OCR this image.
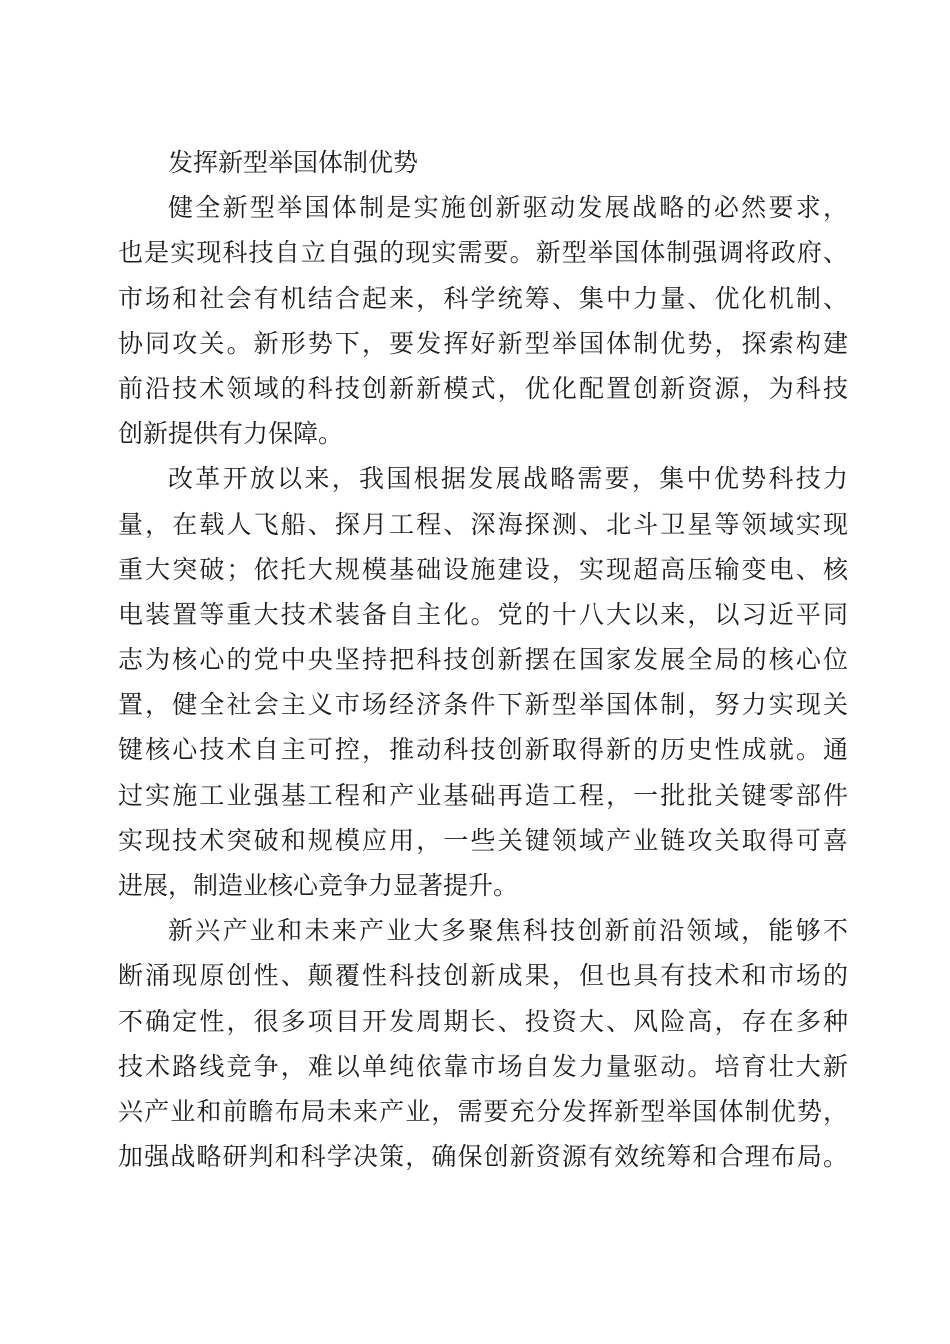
发挥新型举国体制优势
健全新型举国体制是实施创新驱动发展战略的必然要求，
也是实现科技自立自强的现实需要。新型举国体制强调将政府、
市场和社会有机结合起来，科学统筹、集中力量、优化机制、
协同攻关。新形势下，要发挥好新型举国体制优势，探索构建
前沿技术领域的科技创新新模式，优化配置创新资源，为科技
创新提供有力保障。
改革开放以来，我国根据发展战略需要，集中优势科技力
量，在载人飞船、探月工程、深海探测、北斗卫星等领域实现
重大突破；依托大规模基础设施建设，实现超高压输变电、核
电装置等重大技术装备自主化。党的十八大以来，以习近平同
志为核心的党中央坚持把科技创新摆在国家发展全局的核心位
置，健全社会主义市场经济条件下新型举国体制，努力实现关
键核心技术自主可控，推动科技创新取得新的历史性成就。通
过实施工业强基工程和产业基础再造工程，一批批关键零部件
实现技术突破和规模应用，一些关键领域产业链攻关取得可喜
进展，制造业核心竞争力显著提升。
新兴产业和未来产业大多聚焦科技创新前沿领域，能够不
断涌现原创性、颠覆性科技创新成果，但也具有技术和市场的
不确定性，很多项目开发周期长、投资大、风险高，存在多种
技术路线竞争，难以单纯依靠市场自发力量驱动。培育壮大新
兴产业和前瞻布局未来产业，需要充分发挥新型举国体制优势，
加强战略研判和科学决策，确保创新资源有效统筹和合理布局。
